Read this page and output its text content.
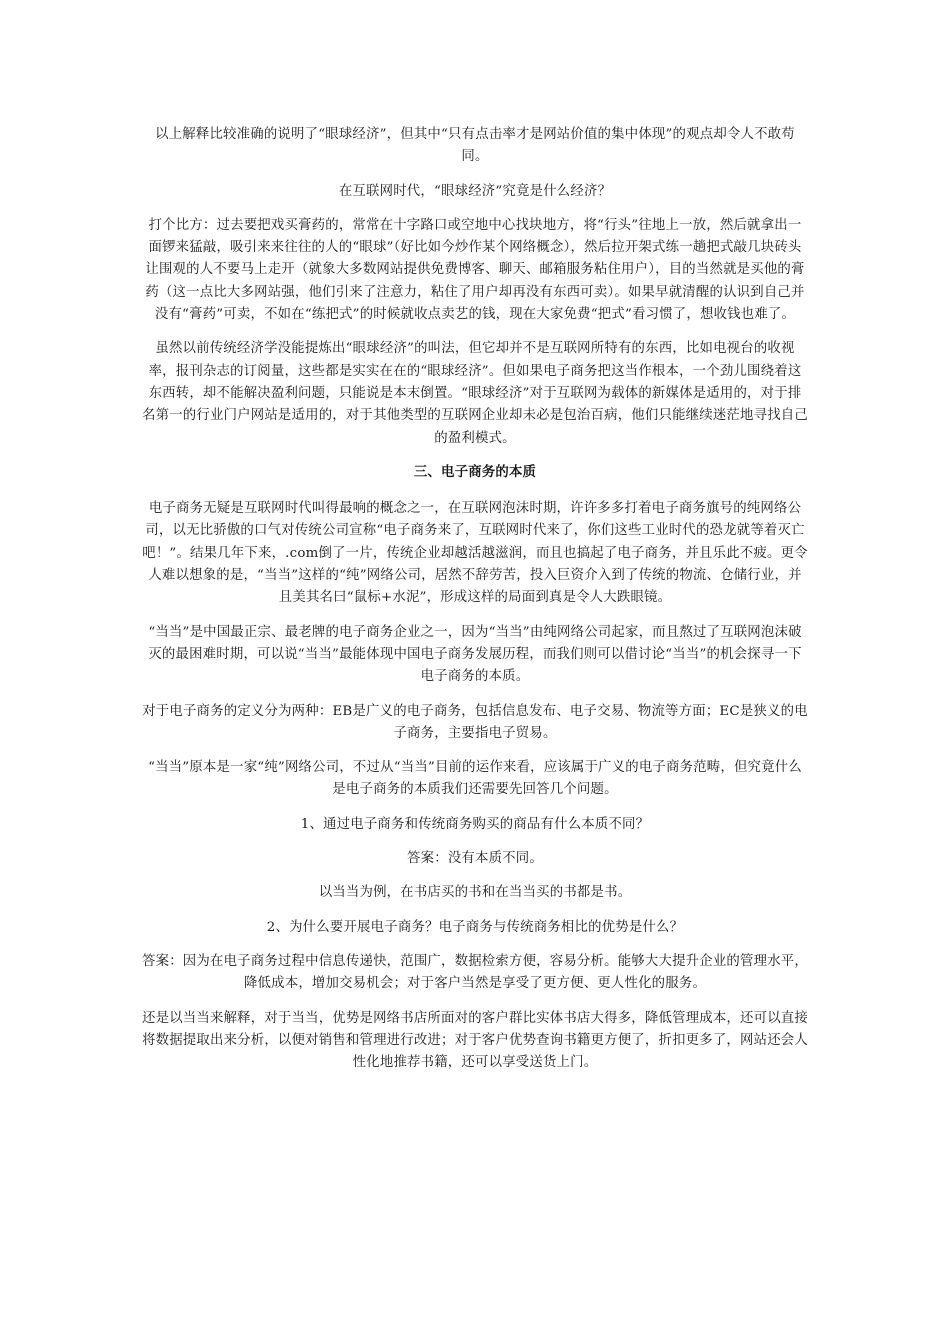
以上解释比较准确的说明了“眼球经济”，但其中“只有点击率才是网站价值的集中体现”的观点却令人不敢苟同。

在互联网时代，“眼球经济”究竟是什么经济？

打个比方：过去要把戏买膏药的，常常在十字路口或空地中心找块地方，将“行头”往地上一放，然后就拿出一面锣来猛敲，吸引来来往往的人的“眼球”（好比如今炒作某个网络概念），然后拉开架式练一趟把式敲几块砖头让围观的人不要马上走开（就象大多数网站提供免费博客、聊天、邮箱服务粘住用户），目的当然就是买他的膏药（这一点比大多网站强，他们引来了注意力，粘住了用户却再没有东西可卖）。如果早就清醒的认识到自己并没有“膏药”可卖，不如在“练把式”的时候就收点卖艺的钱，现在大家免费“把式”看习惯了，想收钱也难了。

虽然以前传统经济学没能提炼出“眼球经济”的叫法，但它却并不是互联网所特有的东西，比如电视台的收视率，报刊杂志的订阅量，这些都是实实在在的“眼球经济”。但如果电子商务把这当作根本，一个劲儿围绕着这东西转，却不能解决盈利问题，只能说是本末倒置。“眼球经济”对于互联网为载体的新媒体是适用的，对于排名第一的行业门户网站是适用的，对于其他类型的互联网企业却未必是包治百病，他们只能继续迷茫地寻找自己的盈利模式。

三、电子商务的本质

电子商务无疑是互联网时代叫得最响的概念之一，在互联网泡沫时期，许许多多打着电子商务旗号的纯网络公司，以无比骄傲的口气对传统公司宣称“电子商务来了，互联网时代来了，你们这些工业时代的恐龙就等着灭亡吧！”。结果几年下来，.com倒了一片，传统企业却越活越滋润，而且也搞起了电子商务，并且乐此不疲。更令人难以想象的是，“当当”这样的“纯”网络公司，居然不辞劳苦，投入巨资介入到了传统的物流、仓储行业，并且美其名曰“鼠标+水泥”，形成这样的局面到真是令人大跌眼镜。

“当当”是中国最正宗、最老牌的电子商务企业之一，因为“当当”由纯网络公司起家，而且熬过了互联网泡沫破灭的最困难时期，可以说“当当”最能体现中国电子商务发展历程，而我们则可以借讨论“当当”的机会探寻一下电子商务的本质。

对于电子商务的定义分为两种：EB是广义的电子商务，包括信息发布、电子交易、物流等方面；EC是狭义的电子商务，主要指电子贸易。

“当当”原本是一家“纯”网络公司，不过从“当当”目前的运作来看，应该属于广义的电子商务范畴，但究竟什么是电子商务的本质我们还需要先回答几个问题。

1、通过电子商务和传统商务购买的商品有什么本质不同？

答案：没有本质不同。

以当当为例，在书店买的书和在当当买的书都是书。

2、为什么要开展电子商务？电子商务与传统商务相比的优势是什么？

答案：因为在电子商务过程中信息传递快，范围广，数据检索方便，容易分析。能够大大提升企业的管理水平，降低成本，增加交易机会；对于客户当然是享受了更方便、更人性化的服务。

还是以当当来解释，对于当当，优势是网络书店所面对的客户群比实体书店大得多，降低管理成本，还可以直接将数据提取出来分析，以便对销售和管理进行改进；对于客户优势查询书籍更方便了，折扣更多了，网站还会人性化地推荐书籍，还可以享受送货上门。
